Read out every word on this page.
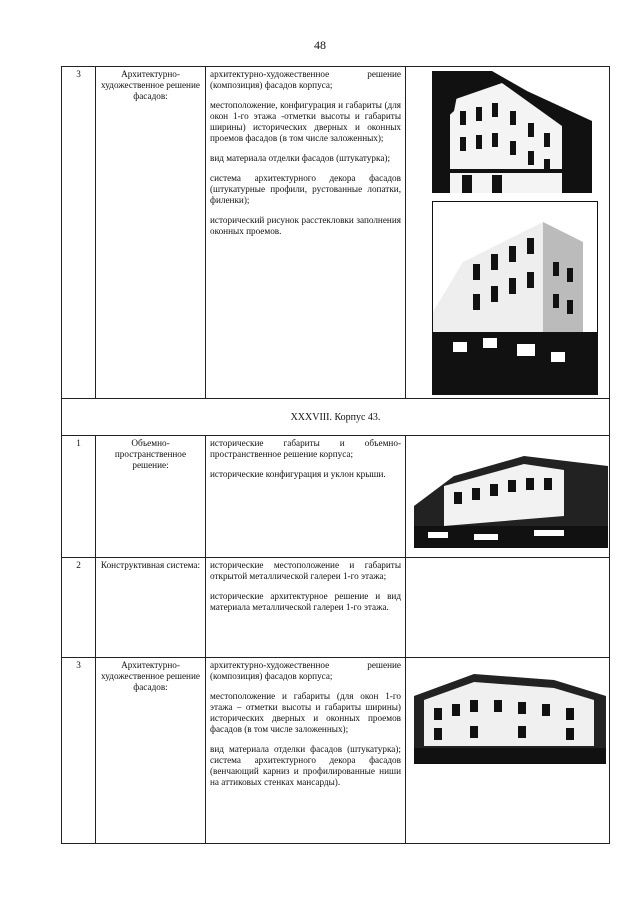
48
3	Архитектурно-художественное решение фасадов:	архитектурно-художественное решение (композиция) фасадов корпуса;

местоположение, конфигурация и габариты (для окон 1-го этажа -отметки высоты и габариты ширины) исторических дверных и оконных проемов фасадов (в том числе заложенных);

вид материала отделки фасадов (штукатурка);

система архитектурного декора фасадов (штукатурные профили, рустованные лопатки, филенки);

исторический рисунок расстекловки заполнения оконных проемов.

XXXVIII. Корпус 43.			
1	Объемно-пространственное решение:	исторические габариты и объемно-пространственное решение корпуса;

исторические конфигурация и уклон крыши.

2	Конструктивная система:	исторические местоположение и габариты открытой металлической галереи 1-го этажа;

исторические архитектурное решение и вид материала металлической галереи 1-го этажа.	

3	Архитектурно-художественное решение фасадов:	архитектурно-художественное решение (композиция) фасадов корпуса;

местоположение и габариты (для окон 1-го этажа – отметки высоты и габариты ширины) исторических дверных и оконных проемов фасадов (в том числе заложенных);

вид материала отделки фасадов (штукатурка); система архитектурного декора фасадов (венчающий карниз и профилированные ниши на аттиковых стенках мансарды).
